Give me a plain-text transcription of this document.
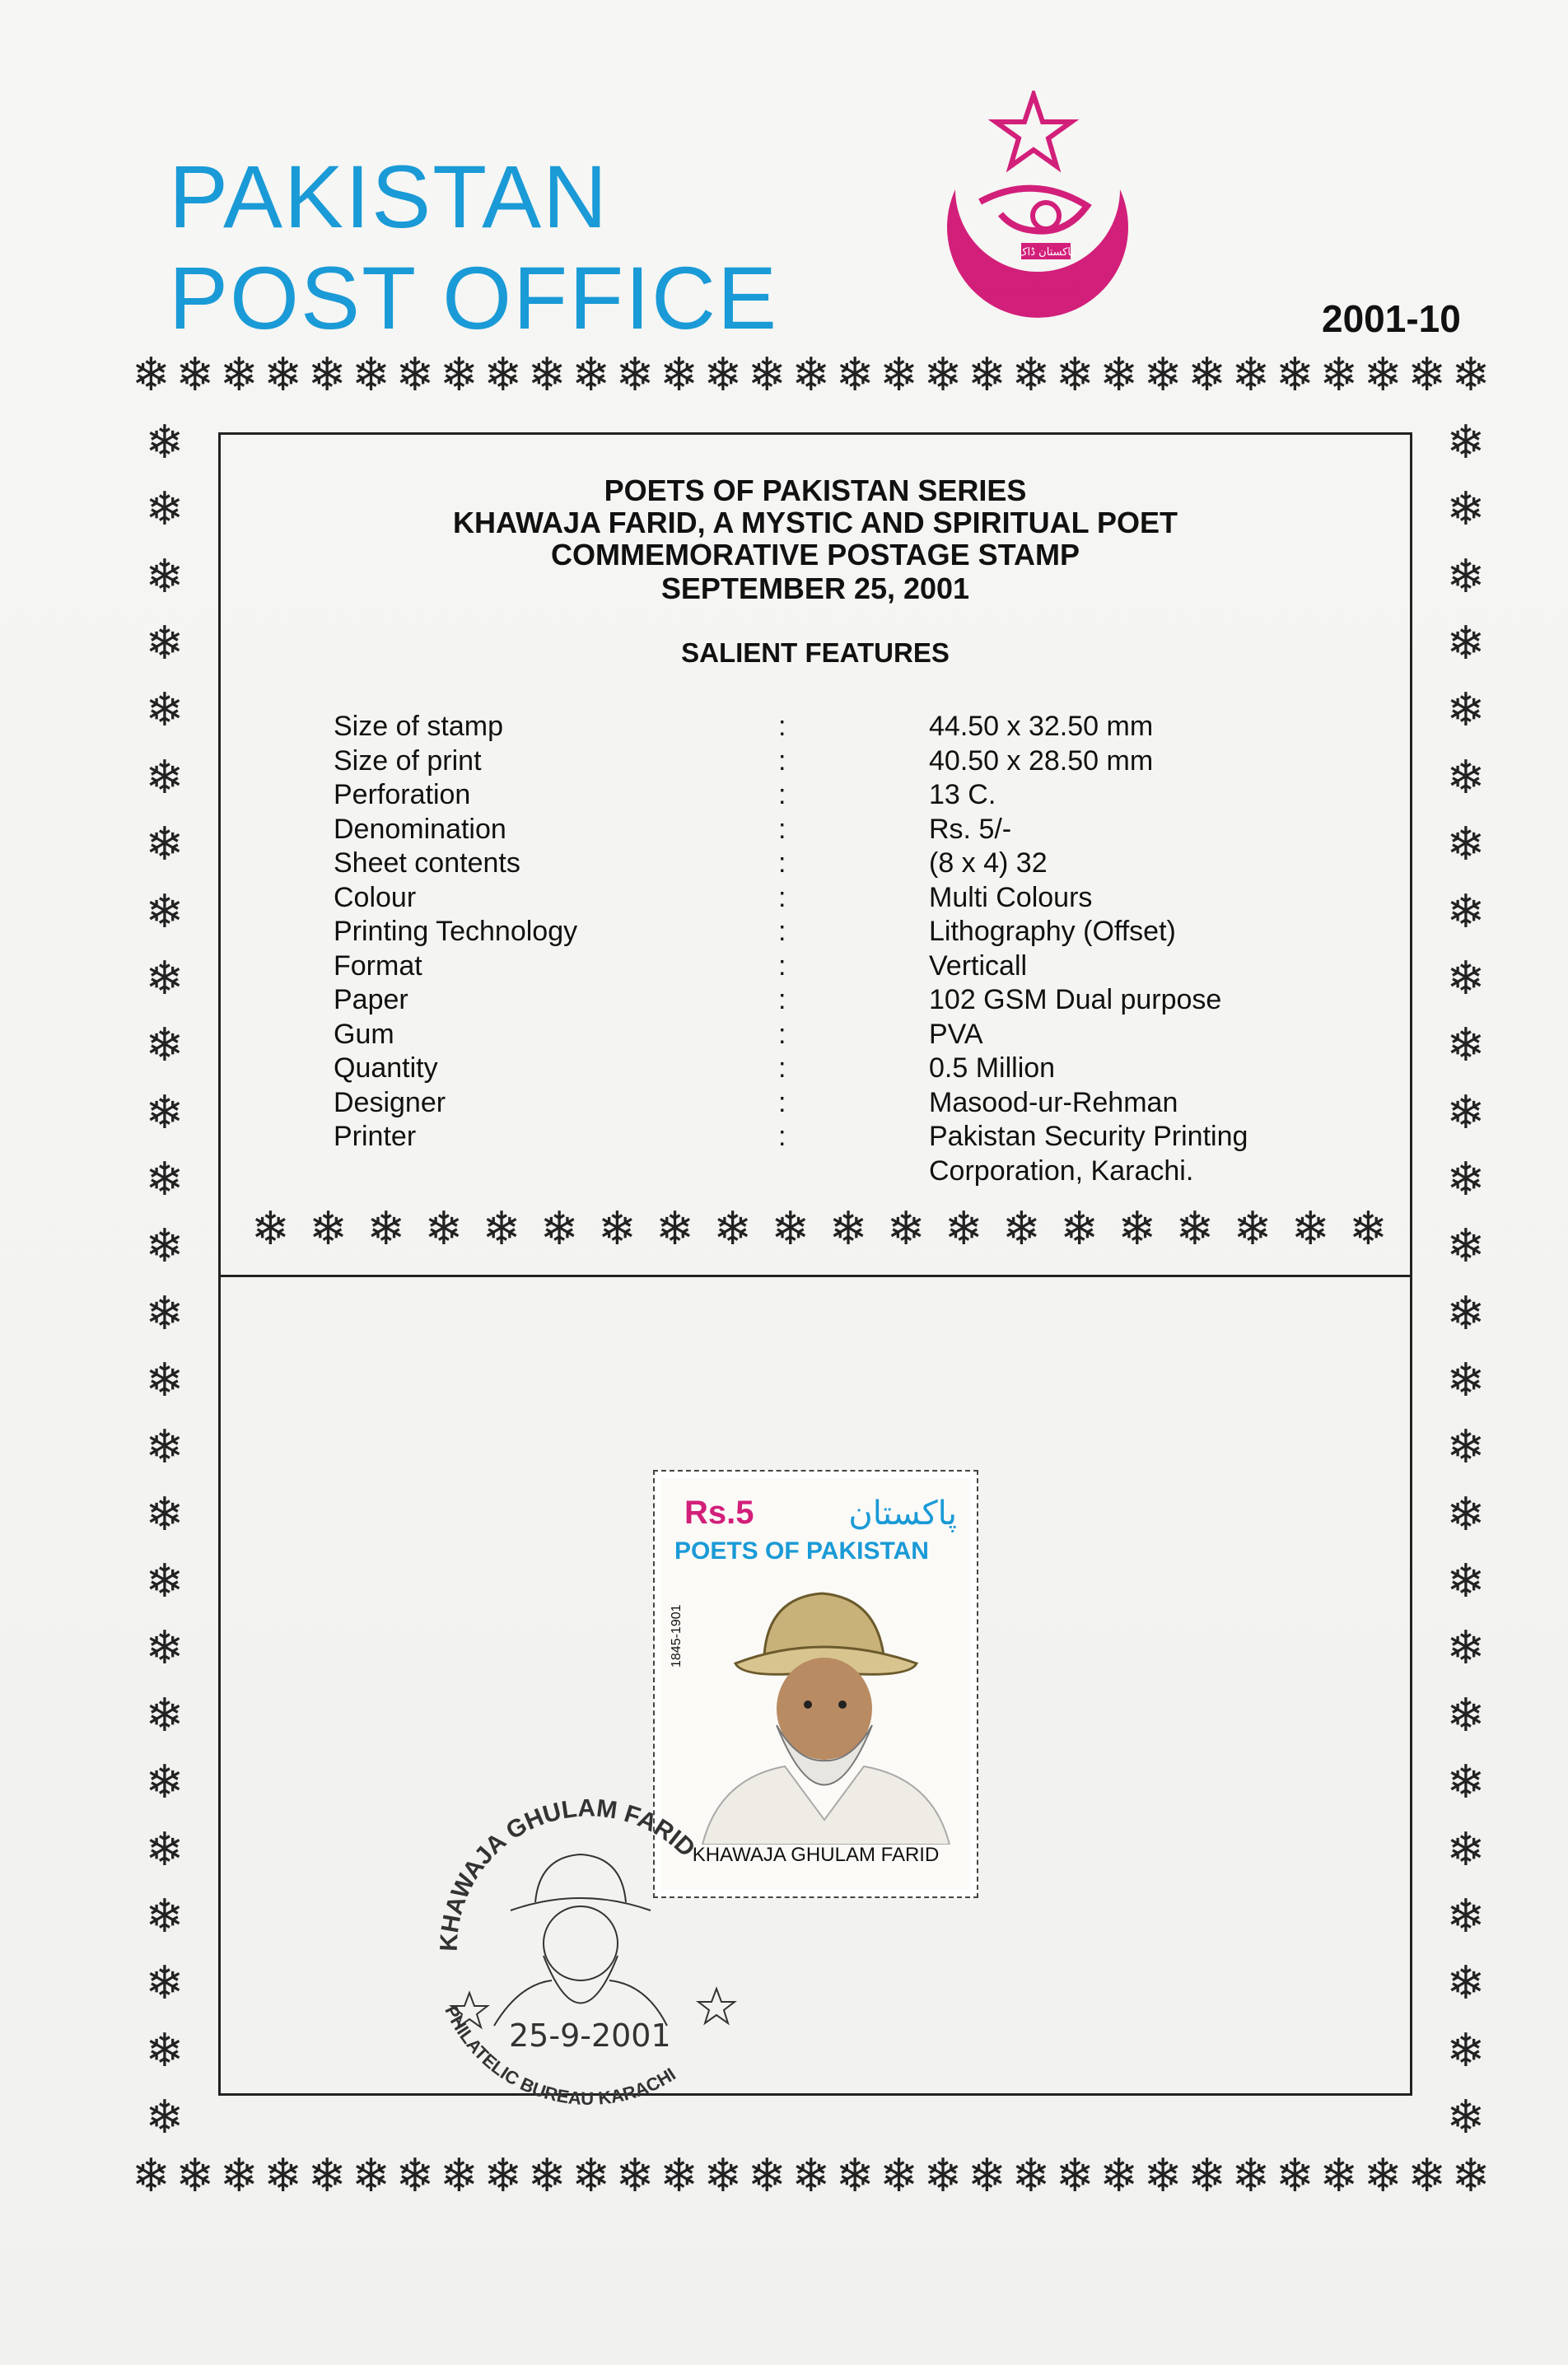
PAKISTAN
POST OFFICE	2001-10
پاکستان ڈاک
خدمت دیانت امانت
❄ ❄ ❄ ❄ ❄ ❄ ❄ ❄ ❄ ❄ ❄ ❄ ❄ ❄ ❄ ❄ ❄ ❄ ❄ ❄ ❄ ❄ ❄ ❄ ❄ ❄ ❄ ❄ ❄ ❄ ❄
❄ ❄ ❄ ❄ ❄ ❄ ❄ ❄ ❄ ❄ ❄ ❄ ❄ ❄ ❄ ❄ ❄ ❄ ❄ ❄ ❄ ❄ ❄ ❄ ❄ ❄ ❄ ❄ ❄ ❄ ❄
❄
❄
❄
❄
❄
❄
❄
❄
❄
❄
❄
❄
❄
❄
❄
❄
❄
❄
❄
❄
❄
❄
❄
❄
❄
❄
❄
❄
❄
❄
❄
❄
❄
❄
❄
❄
❄
❄
❄
❄
❄
❄
❄
❄
❄
❄
❄
❄
❄
❄
❄
❄
POETS OF PAKISTAN SERIES
KHAWAJA FARID, A MYSTIC AND SPIRITUAL POET
COMMEMORATIVE POSTAGE STAMP
SEPTEMBER 25, 2001
SALIENT FEATURES
Size of stamp	:	44.50 x 32.50 mm
Size of print	:	40.50 x 28.50 mm
Perforation	:	13 C.
Denomination	:	Rs. 5/-
Sheet contents	:	(8 x 4) 32
Colour	:	Multi Colours
Printing Technology	:	Lithography (Offset)
Format	:	Verticall
Paper	:	102 GSM Dual purpose
Gum	:	PVA
Quantity	:	0.5 Million
Designer	:	Masood-ur-Rehman
Printer	:	Pakistan Security Printing
Corporation, Karachi.
❄ ❄ ❄ ❄ ❄ ❄ ❄ ❄ ❄ ❄ ❄ ❄ ❄ ❄ ❄ ❄ ❄ ❄ ❄ ❄
Rs.5	پاکستان
POETS OF PAKISTAN
1845-1901
KHAWAJA GHULAM FARID
KHAWAJA GHULAM FARID
PHILATELIC BUREAU KARACHI
25-9-2001
